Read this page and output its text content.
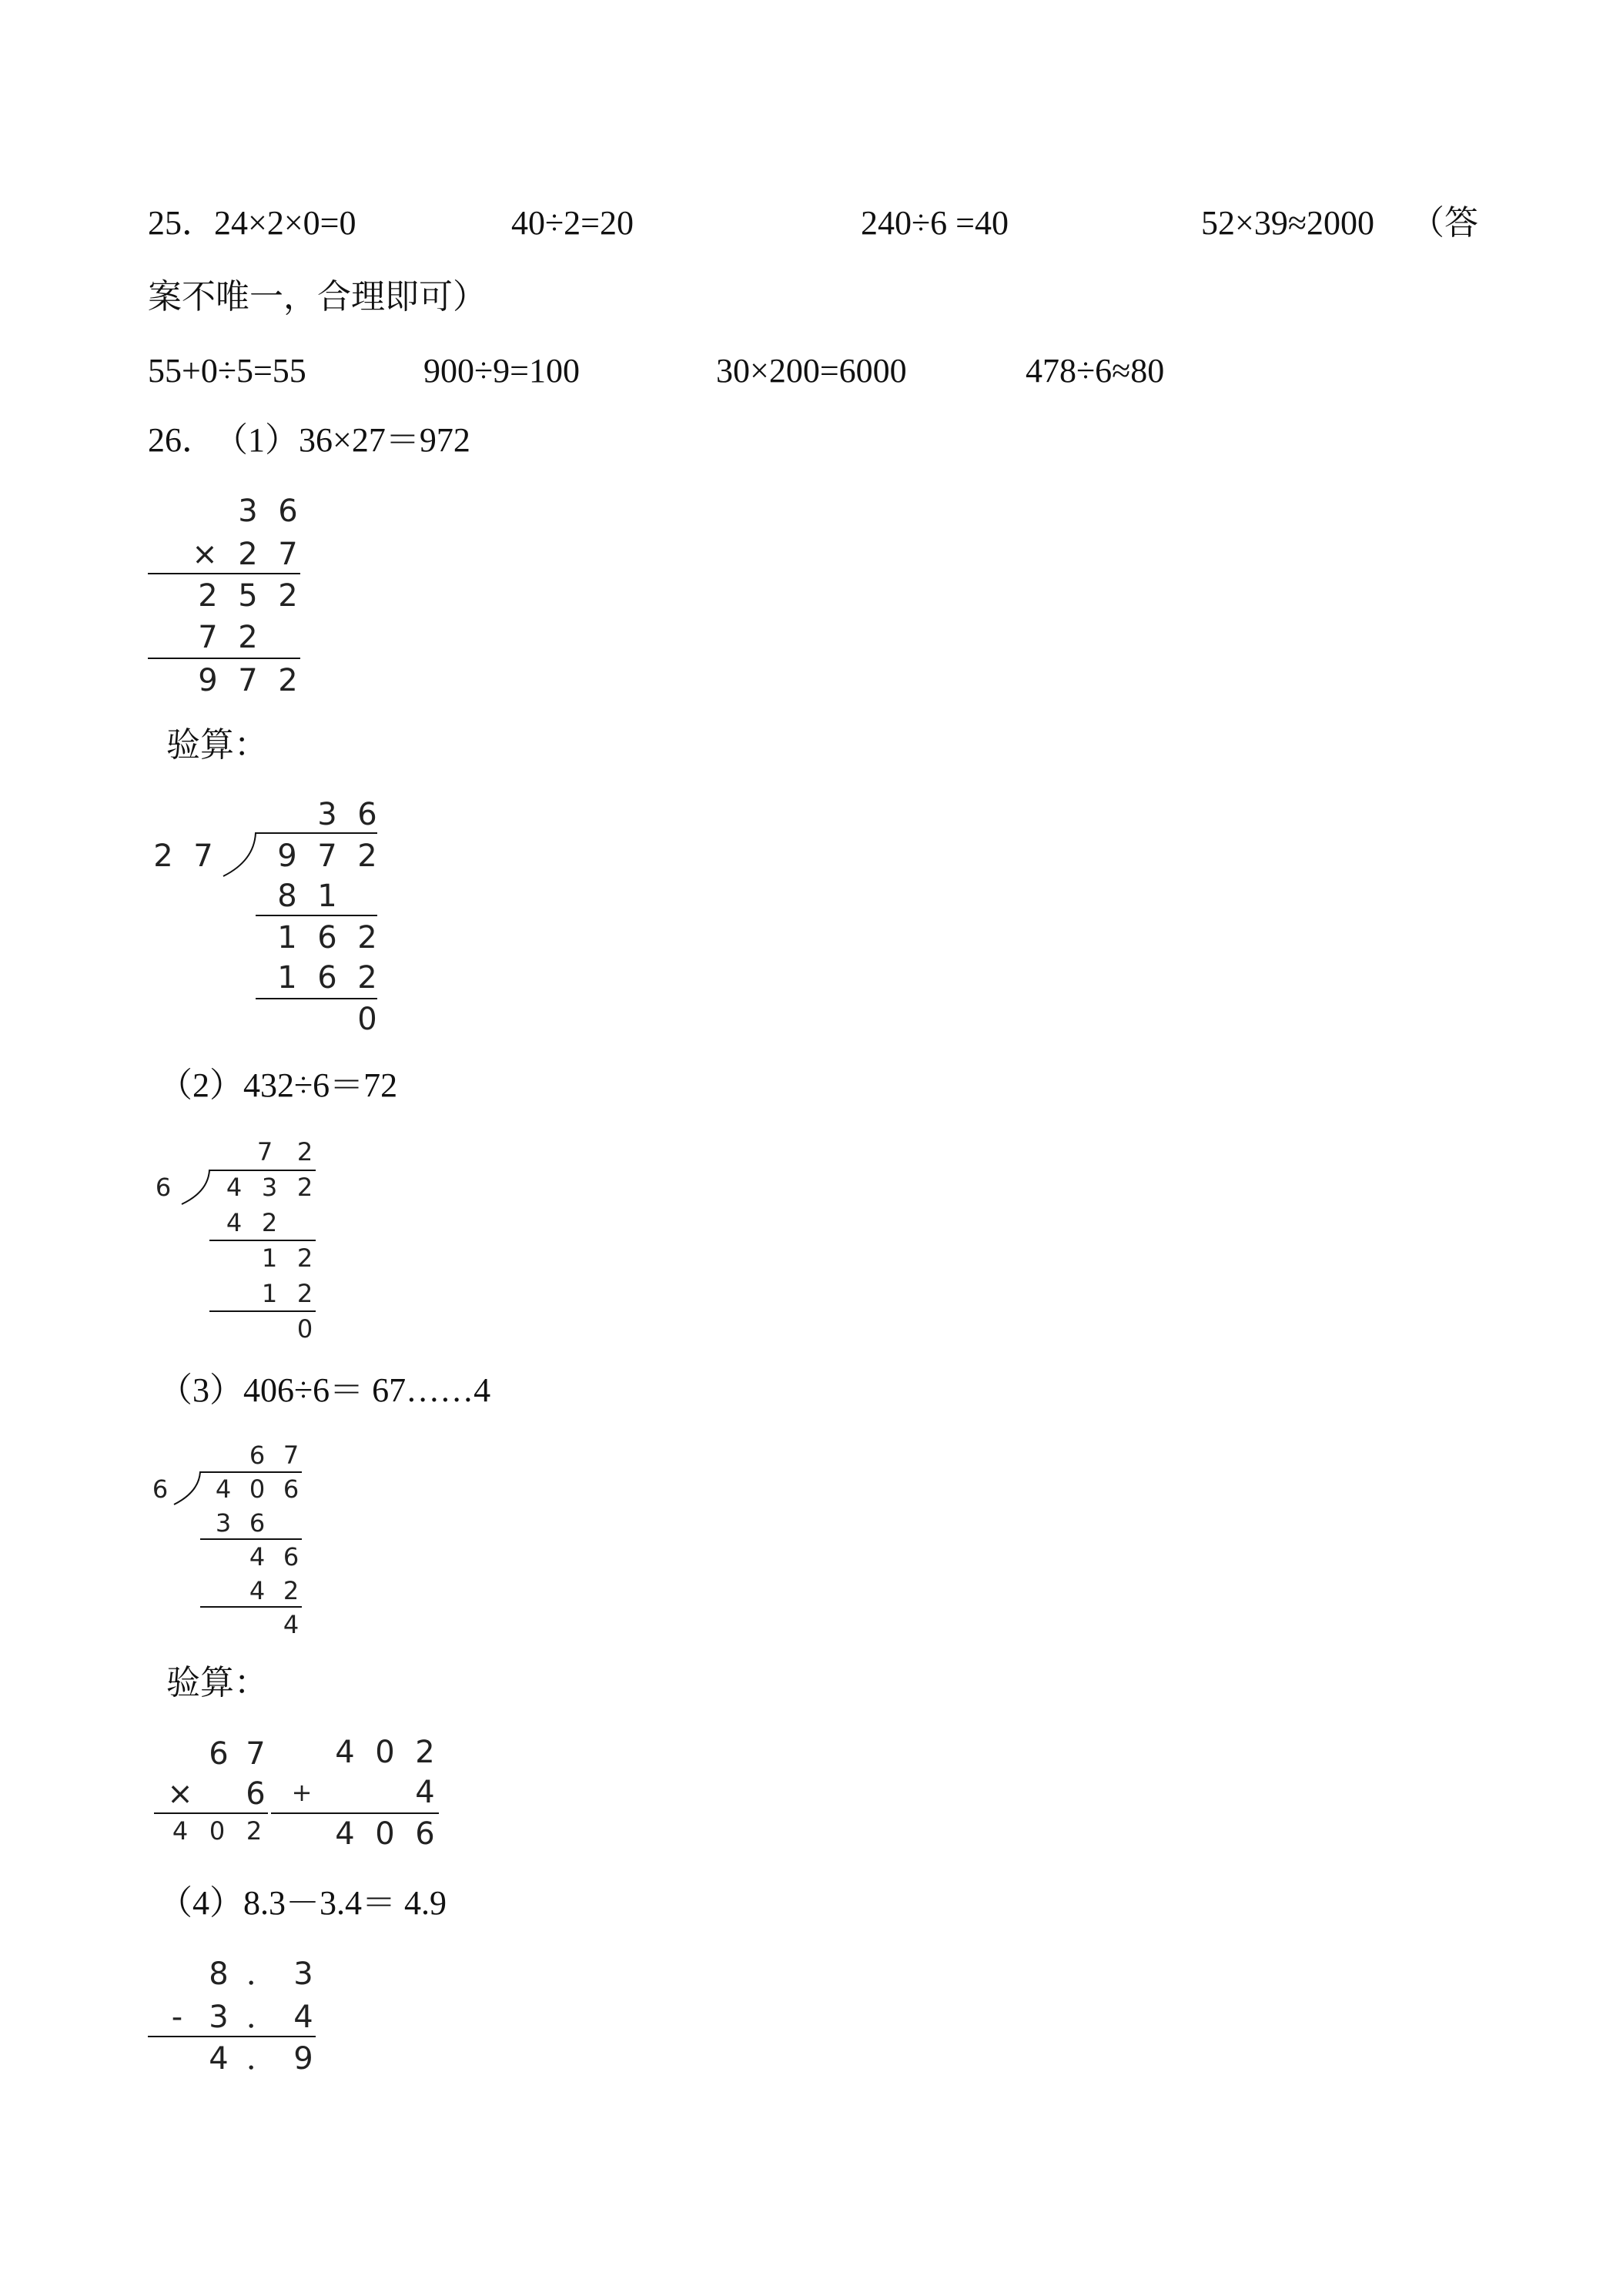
25．
24×2×0=0	40÷2=20	240÷6 =40	52×39≈2000 （答
案不唯一，合理即可）
55+0÷5=55	900÷9=100	30×200=6000	478÷6≈80
26．
（1）36×27＝972
3 6
× 2 7
2 5 2
7 2
9 7 2
验算：
3 6
2 7 9 7 2
8 1
1 6 2
1 6 2
0
（2）432÷6＝72
7 2
6 4 3 2
4 2
1 2
1 2
0
（3）406÷6＝ 67……4
6 7
6 4 0 6
3 6
4 6
4 2
4
验算：
6 7
× 6
4 0 2
4 0 2
+	4
4 0 6
（4）8.3－3.4＝ 4.9
8 ． 3
- 3 ． 4
4 ． 9
